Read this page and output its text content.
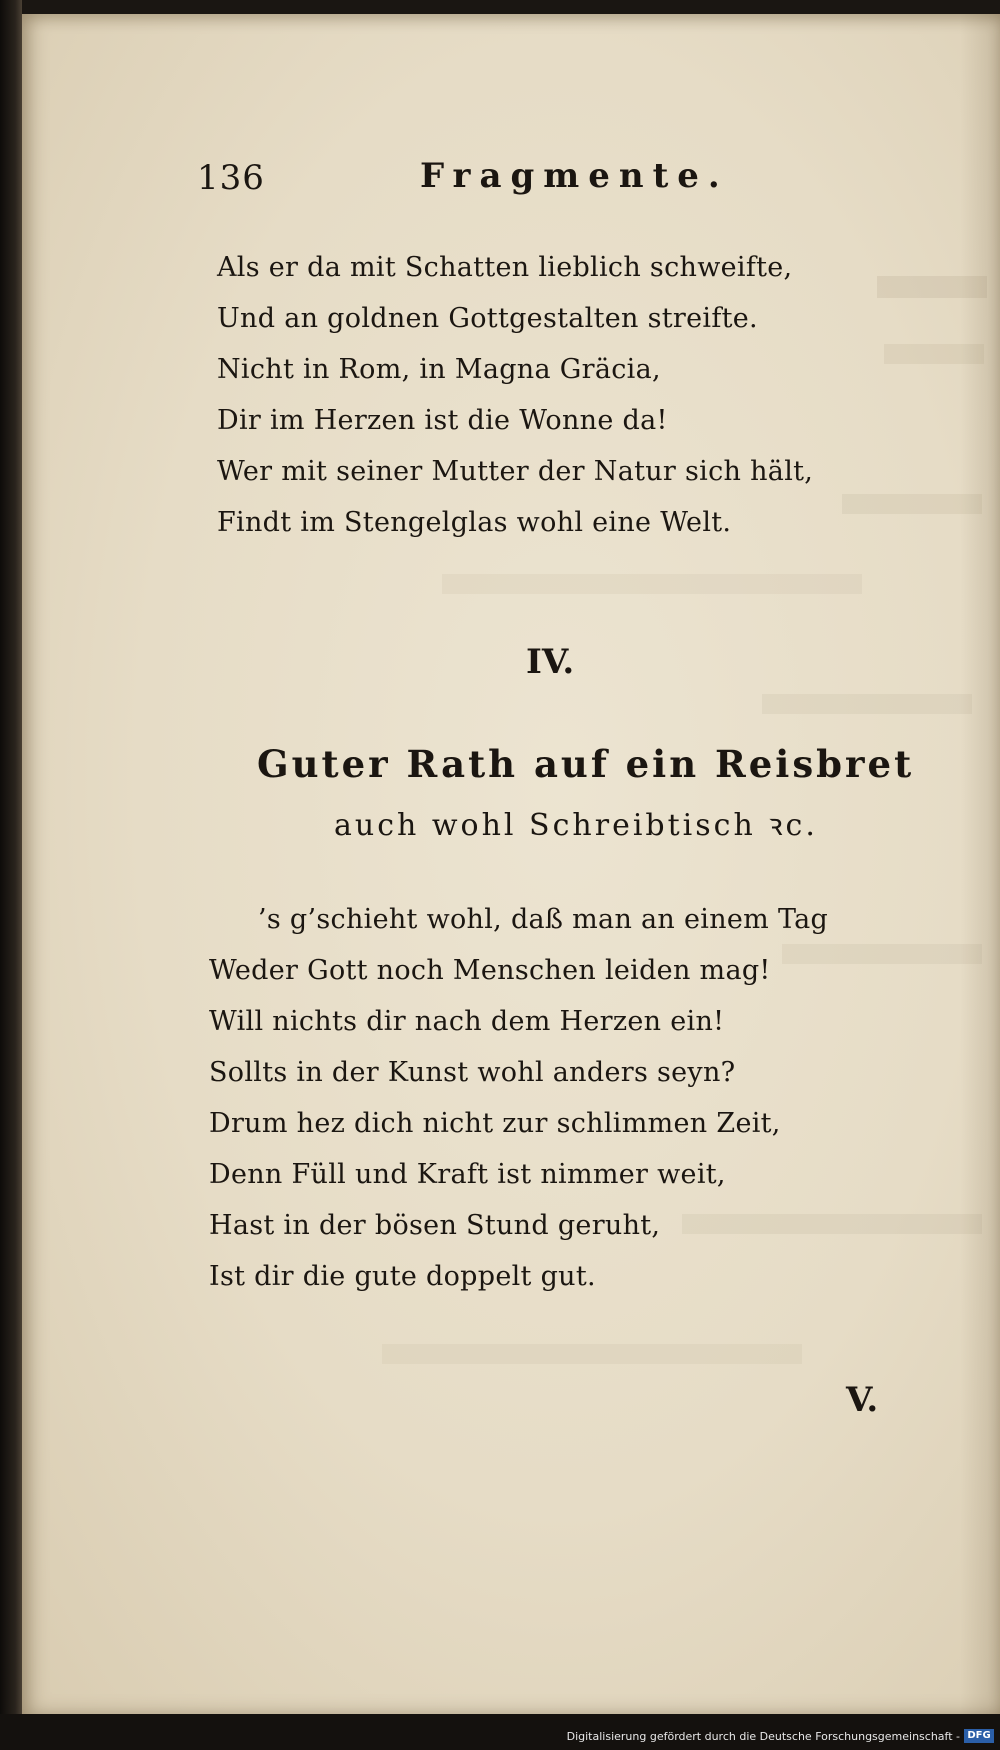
136	Fragmente.
Als er da mit Schatten lieblich schweifte,
Und an goldnen Gottgestalten streifte.
Nicht in Rom, in Magna Gräcia,
Dir im Herzen ist die Wonne da!
Wer mit seiner Mutter der Natur sich hält,
Findt im Stengelglas wohl eine Welt.
IV.
Guter Rath auf ein Reisbret
auch wohl Schreibtisch ꝛc.
’s g’schieht wohl, daß man an einem Tag
Weder Gott noch Menschen leiden mag!
Will nichts dir nach dem Herzen ein!
Sollts in der Kunst wohl anders seyn?
Drum hez dich nicht zur schlimmen Zeit,
Denn Füll und Kraft ist nimmer weit,
Hast in der bösen Stund geruht,
Ist dir die gute doppelt gut.
V.
Digitalisierung gefördert durch die Deutsche Forschungsgemeinschaft - DFG
